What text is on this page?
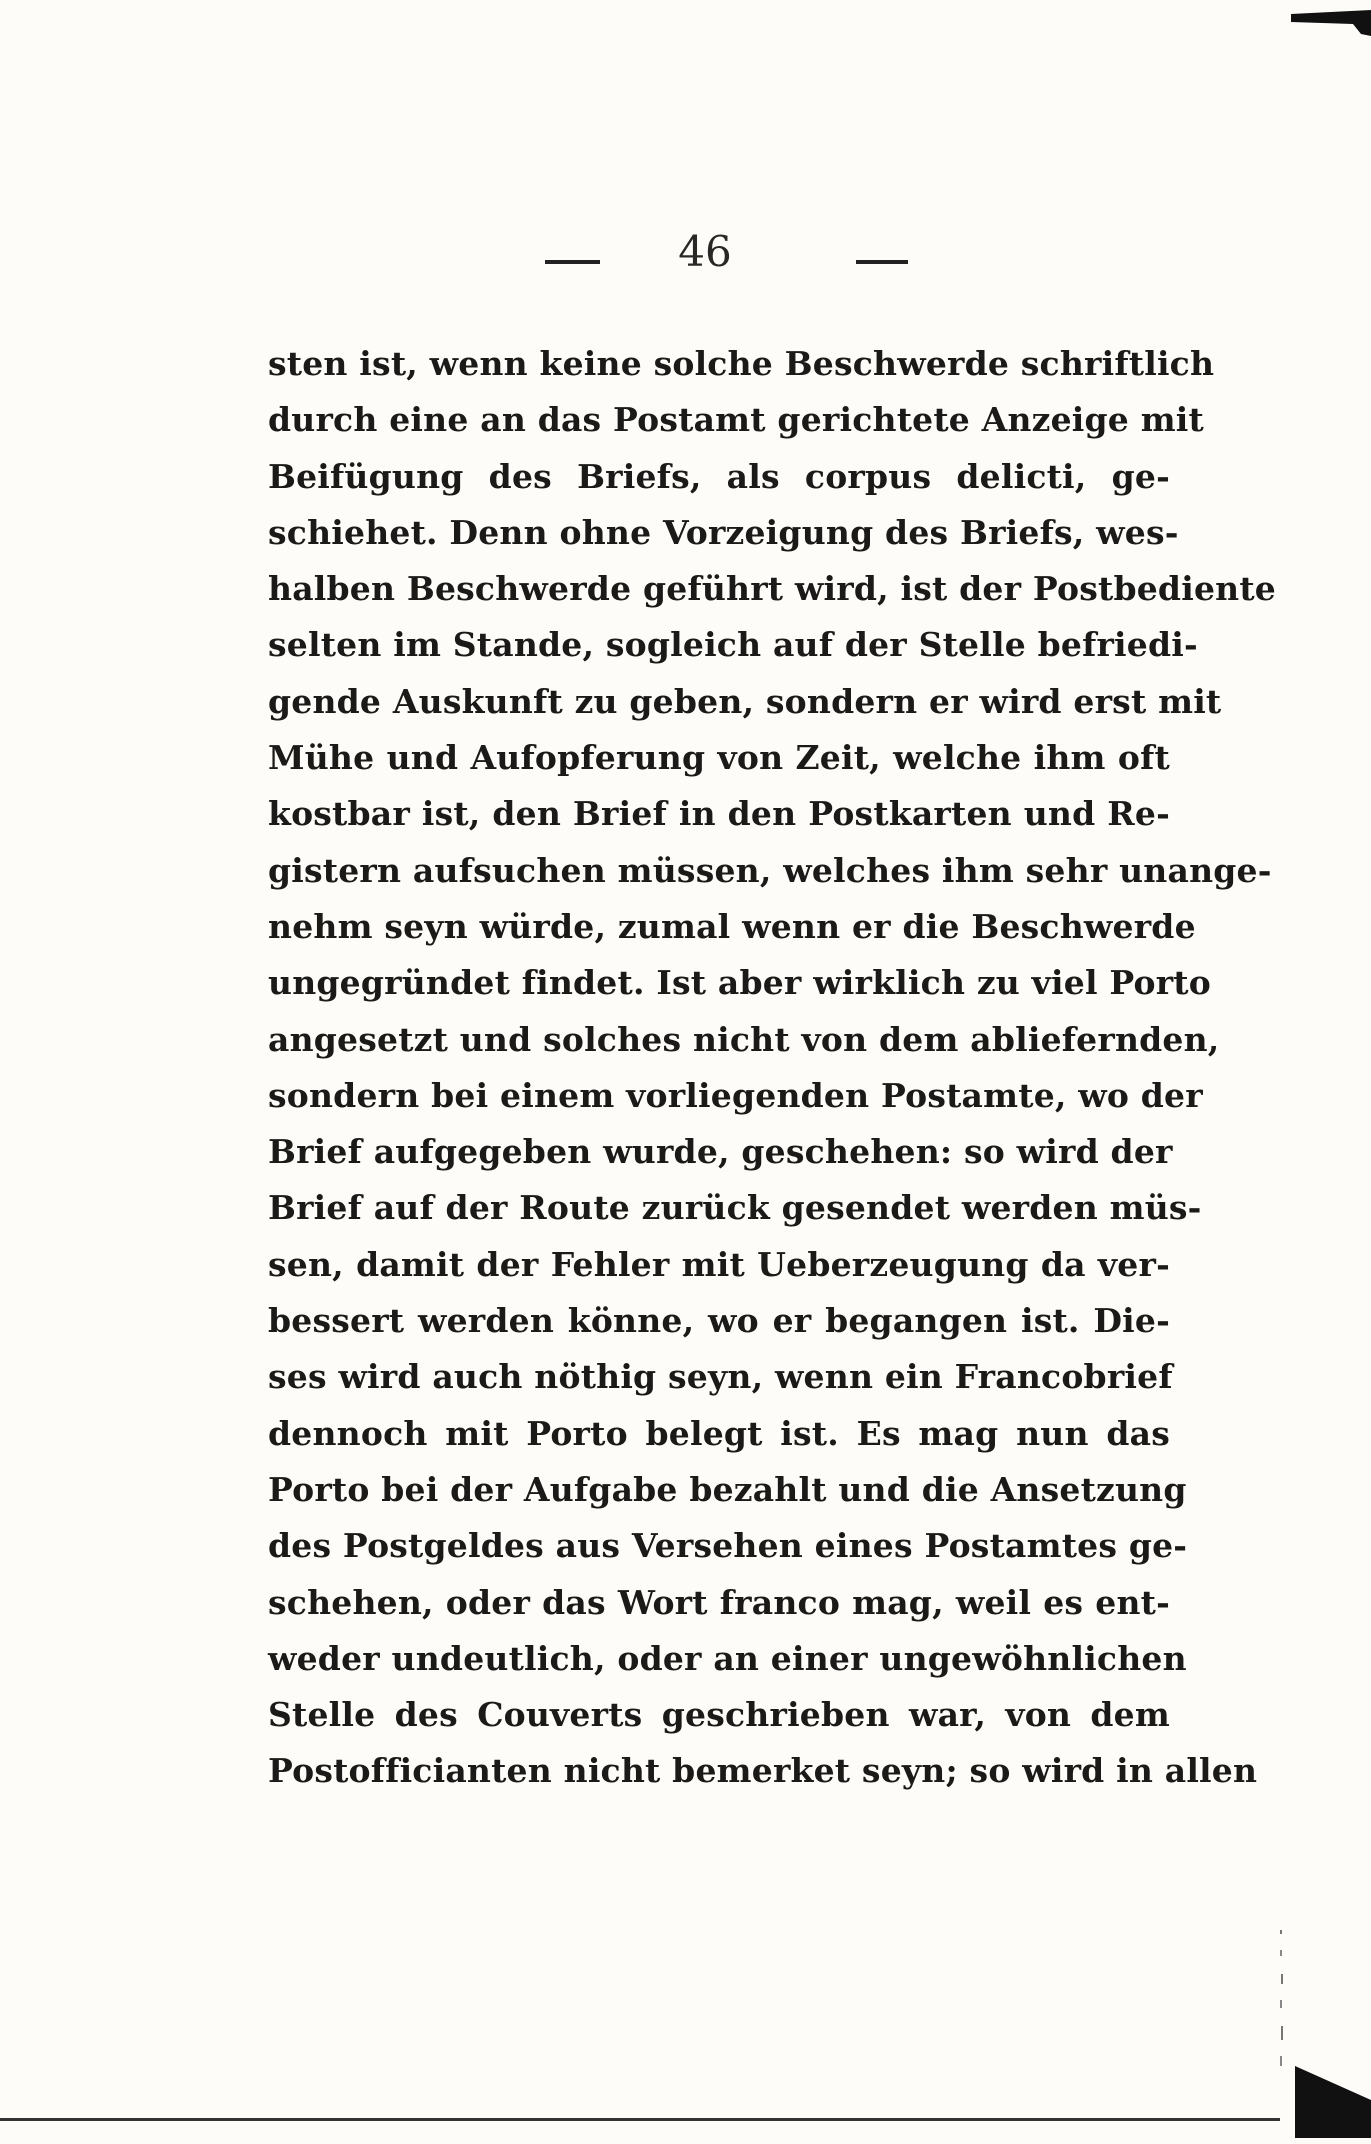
46
sten ist, wenn keine solche Beschwerde schriftlich
durch eine an das Postamt gerichtete Anzeige mit
Beifügung des Briefs, als corpus delicti, ge-
schiehet. Denn ohne Vorzeigung des Briefs, wes-
halben Beschwerde geführt wird, ist der Postbediente
selten im Stande, sogleich auf der Stelle befriedi-
gende Auskunft zu geben, sondern er wird erst mit
Mühe und Aufopferung von Zeit, welche ihm oft
kostbar ist, den Brief in den Postkarten und Re-
gistern aufsuchen müssen, welches ihm sehr unange-
nehm seyn würde, zumal wenn er die Beschwerde
ungegründet findet. Ist aber wirklich zu viel Porto
angesetzt und solches nicht von dem abliefernden,
sondern bei einem vorliegenden Postamte, wo der
Brief aufgegeben wurde, geschehen: so wird der
Brief auf der Route zurück gesendet werden müs-
sen, damit der Fehler mit Ueberzeugung da ver-
bessert werden könne, wo er begangen ist. Die-
ses wird auch nöthig seyn, wenn ein Francobrief
dennoch mit Porto belegt ist. Es mag nun das
Porto bei der Aufgabe bezahlt und die Ansetzung
des Postgeldes aus Versehen eines Postamtes ge-
schehen, oder das Wort franco mag, weil es ent-
weder undeutlich, oder an einer ungewöhnlichen
Stelle des Couverts geschrieben war, von dem
Postofficianten nicht bemerket seyn; so wird in allen
